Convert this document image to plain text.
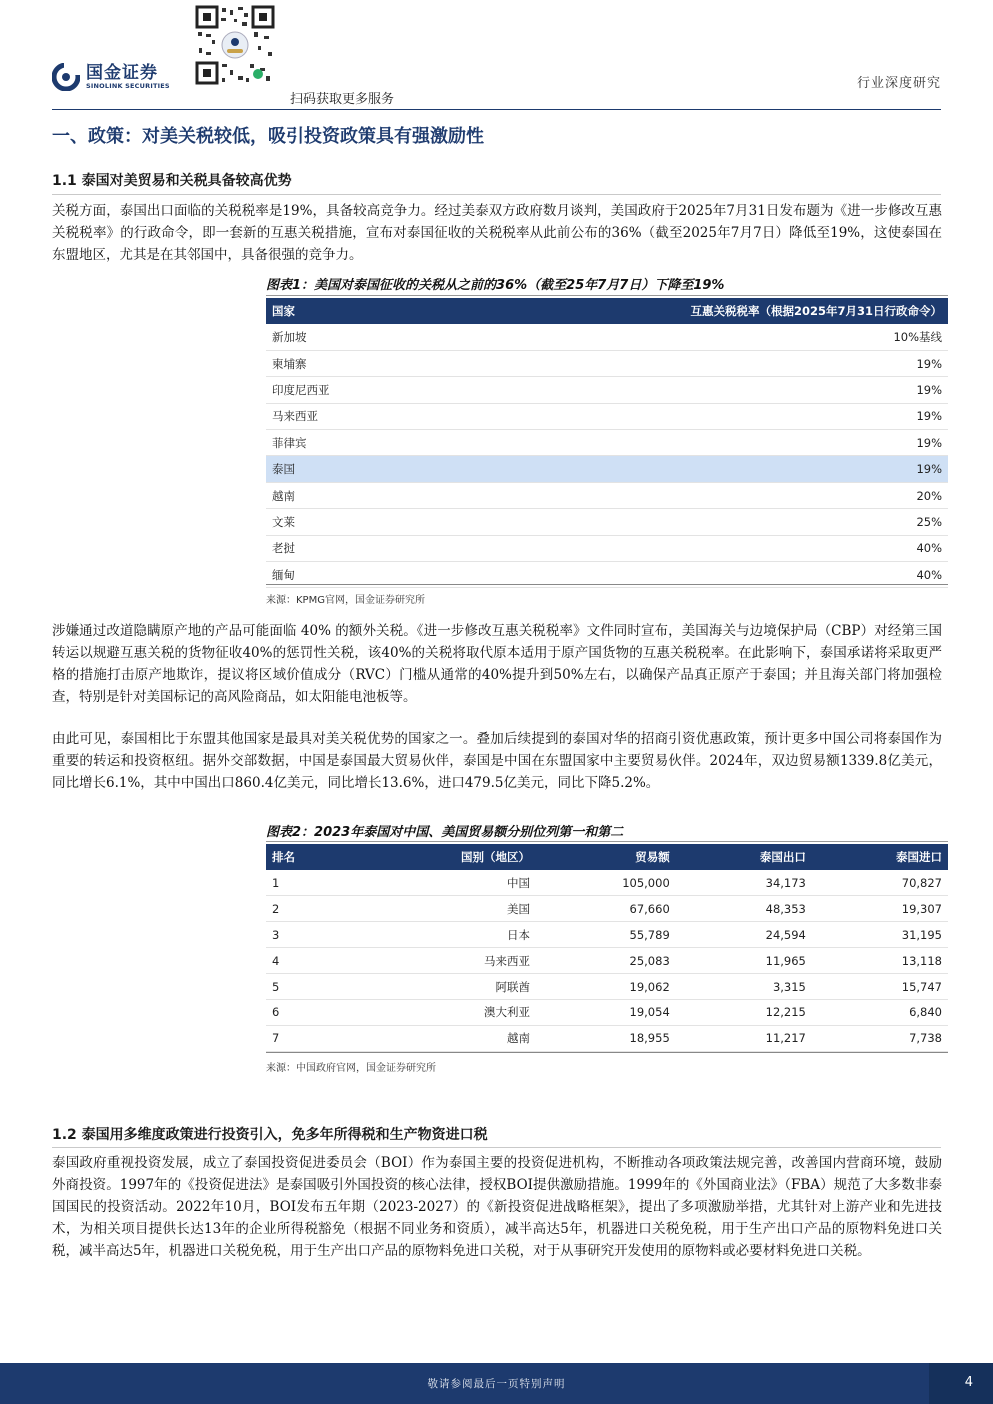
国金证券
SINOLINK SECURITIES
扫码获取更多服务
行业深度研究
一、政策：对美关税较低，吸引投资政策具有强激励性
1.1 泰国对美贸易和关税具备较高优势
关税方面，泰国出口面临的关税税率是19%，具备较高竞争力。经过美泰双方政府数月谈判，美国政府于2025年7月31日发布题为《进一步修改互惠关税税率》的行政命令，即一套新的互惠关税措施，宣布对泰国征收的关税税率从此前公布的36%（截至2025年7月7日）降低至19%，这使泰国在东盟地区，尤其是在其邻国中，具备很强的竞争力。
图表1：美国对泰国征收的关税从之前的36%（截至25年7月7日）下降至19%
国家	互惠关税税率（根据2025年7月31日行政命令）
新加坡	10%基线
柬埔寨	19%
印度尼西亚	19%
马来西亚	19%
菲律宾	19%
泰国	19%
越南	20%
文莱	25%
老挝	40%
缅甸	40%
来源：KPMG官网，国金证券研究所
涉嫌通过改道隐瞒原产地的产品可能面临 40% 的额外关税。《进一步修改互惠关税税率》文件同时宣布，美国海关与边境保护局（CBP）对经第三国转运以规避互惠关税的货物征收40%的惩罚性关税，该40%的关税将取代原本适用于原产国货物的互惠关税税率。在此影响下，泰国承诺将采取更严格的措施打击原产地欺诈，提议将区域价值成分（RVC）门槛从通常的40%提升到50%左右，以确保产品真正原产于泰国；并且海关部门将加强检查，特别是针对美国标记的高风险商品，如太阳能电池板等。
由此可见，泰国相比于东盟其他国家是最具对美关税优势的国家之一。叠加后续提到的泰国对华的招商引资优惠政策，预计更多中国公司将泰国作为重要的转运和投资枢纽。据外交部数据，中国是泰国最大贸易伙伴，泰国是中国在东盟国家中主要贸易伙伴。2024年，双边贸易额1339.8亿美元，同比增长6.1%，其中中国出口860.4亿美元，同比增长13.6%，进口479.5亿美元，同比下降5.2%。
图表2：2023年泰国对中国、美国贸易额分别位列第一和第二
排名	国别（地区）	贸易额	泰国出口	泰国进口
1	中国	105,000	34,173	70,827
2	美国	67,660	48,353	19,307
3	日本	55,789	24,594	31,195
4	马来西亚	25,083	11,965	13,118
5	阿联酋	19,062	3,315	15,747
6	澳大利亚	19,054	12,215	6,840
7	越南	18,955	11,217	7,738
来源：中国政府官网，国金证券研究所
1.2 泰国用多维度政策进行投资引入，免多年所得税和生产物资进口税
泰国政府重视投资发展，成立了泰国投资促进委员会（BOI）作为泰国主要的投资促进机构，不断推动各项政策法规完善，改善国内营商环境，鼓励外商投资。1997年的《投资促进法》是泰国吸引外国投资的核心法律，授权BOI提供激励措施。1999年的《外国商业法》（FBA）规范了大多数非泰国国民的投资活动。2022年10月，BOI发布五年期（2023-2027）的《新投资促进战略框架》，提出了多项激励举措，尤其针对上游产业和先进技术，为相关项目提供长达13年的企业所得税豁免（根据不同业务和资质），减半高达5年，机器进口关税免税，用于生产出口产品的原物料免进口关税，减半高达5年，机器进口关税免税，用于生产出口产品的原物料免进口关税，对于从事研究开发使用的原物料或必要材料免进口关税。
敬请参阅最后一页特别声明	4
